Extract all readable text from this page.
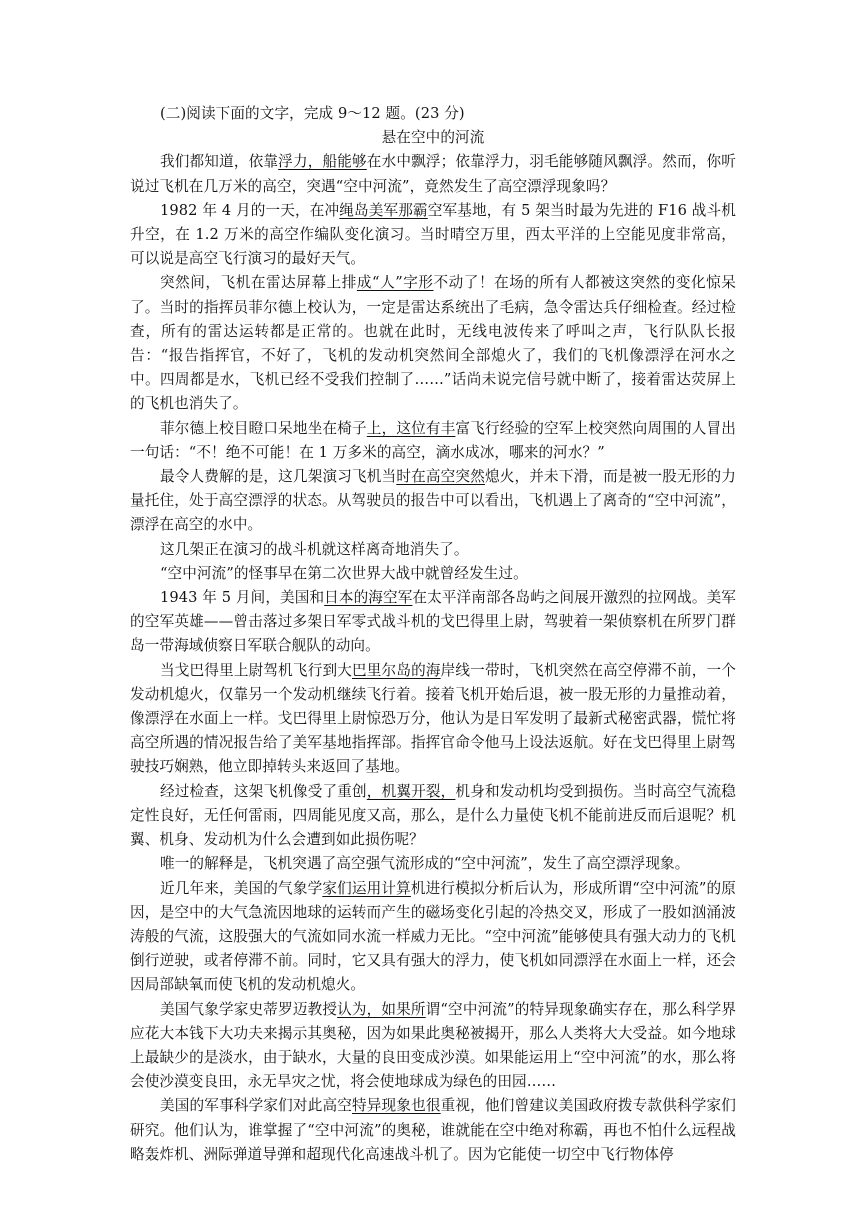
(二)阅读下面的文字，完成 9～12 题。(23 分)

悬在空中的河流

我们都知道，依靠浮力，船能够在水中飘浮；依靠浮力，羽毛能够随风飘浮。然而，你听说过飞机在几万米的高空，突遇“空中河流”，竟然发生了高空漂浮现象吗？

1982 年 4 月的一天，在冲绳岛美军那霸空军基地，有 5 架当时最为先进的 F16 战斗机升空，在 1.2 万米的高空作编队变化演习。当时晴空万里，西太平洋的上空能见度非常高，可以说是高空飞行演习的最好天气。

突然间，飞机在雷达屏幕上排成“人”字形不动了！在场的所有人都被这突然的变化惊呆了。当时的指挥员菲尔德上校认为，一定是雷达系统出了毛病，急令雷达兵仔细检查。经过检查，所有的雷达运转都是正常的。也就在此时，无线电波传来了呼叫之声，飞行队队长报告：“报告指挥官，不好了，飞机的发动机突然间全部熄火了，我们的飞机像漂浮在河水之中。四周都是水，飞机已经不受我们控制了……”话尚未说完信号就中断了，接着雷达荧屏上的飞机也消失了。

菲尔德上校目瞪口呆地坐在椅子上，这位有丰富飞行经验的空军上校突然向周围的人冒出一句话：“不！绝不可能！在 1 万多米的高空，滴水成冰，哪来的河水？”

最令人费解的是，这几架演习飞机当时在高空突然熄火，并未下滑，而是被一股无形的力量托住，处于高空漂浮的状态。从驾驶员的报告中可以看出，飞机遇上了离奇的“空中河流”，漂浮在高空的水中。

这几架正在演习的战斗机就这样离奇地消失了。

“空中河流”的怪事早在第二次世界大战中就曾经发生过。

1943 年 5 月间，美国和日本的海空军在太平洋南部各岛屿之间展开激烈的拉网战。美军的空军英雄——曾击落过多架日军零式战斗机的戈巴得里上尉，驾驶着一架侦察机在所罗门群岛一带海域侦察日军联合舰队的动向。

当戈巴得里上尉驾机飞行到大巴里尔岛的海岸线一带时，飞机突然在高空停滞不前，一个发动机熄火，仅靠另一个发动机继续飞行着。接着飞机开始后退，被一股无形的力量推动着，像漂浮在水面上一样。戈巴得里上尉惊恐万分，他认为是日军发明了最新式秘密武器，慌忙将高空所遇的情况报告给了美军基地指挥部。指挥官命令他马上设法返航。好在戈巴得里上尉驾驶技巧娴熟，他立即掉转头来返回了基地。

经过检查，这架飞机像受了重创，机翼开裂，机身和发动机均受到损伤。当时高空气流稳定性良好，无任何雷雨，四周能见度又高，那么，是什么力量使飞机不能前进反而后退呢？机翼、机身、发动机为什么会遭到如此损伤呢？

唯一的解释是，飞机突遇了高空强气流形成的“空中河流”，发生了高空漂浮现象。

近几年来，美国的气象学家们运用计算机进行模拟分析后认为，形成所谓“空中河流”的原因，是空中的大气急流因地球的运转而产生的磁场变化引起的冷热交叉，形成了一股如汹涌波涛般的气流，这股强大的气流如同水流一样威力无比。“空中河流”能够使具有强大动力的飞机倒行逆驶，或者停滞不前。同时，它又具有强大的浮力，使飞机如同漂浮在水面上一样，还会因局部缺氧而使飞机的发动机熄火。

美国气象学家史蒂罗迈教授认为，如果所谓“空中河流”的特异现象确实存在，那么科学界应花大本钱下大功夫来揭示其奥秘，因为如果此奥秘被揭开，那么人类将大大受益。如今地球上最缺少的是淡水，由于缺水，大量的良田变成沙漠。如果能运用上“空中河流”的水，那么将会使沙漠变良田，永无旱灾之忧，将会使地球成为绿色的田园……

美国的军事科学家们对此高空特异现象也很重视，他们曾建议美国政府拨专款供科学家们研究。他们认为，谁掌握了“空中河流”的奥秘，谁就能在空中绝对称霸，再也不怕什么远程战略轰炸机、洲际弹道导弹和超现代化高速战斗机了。因为它能使一切空中飞行物体停
